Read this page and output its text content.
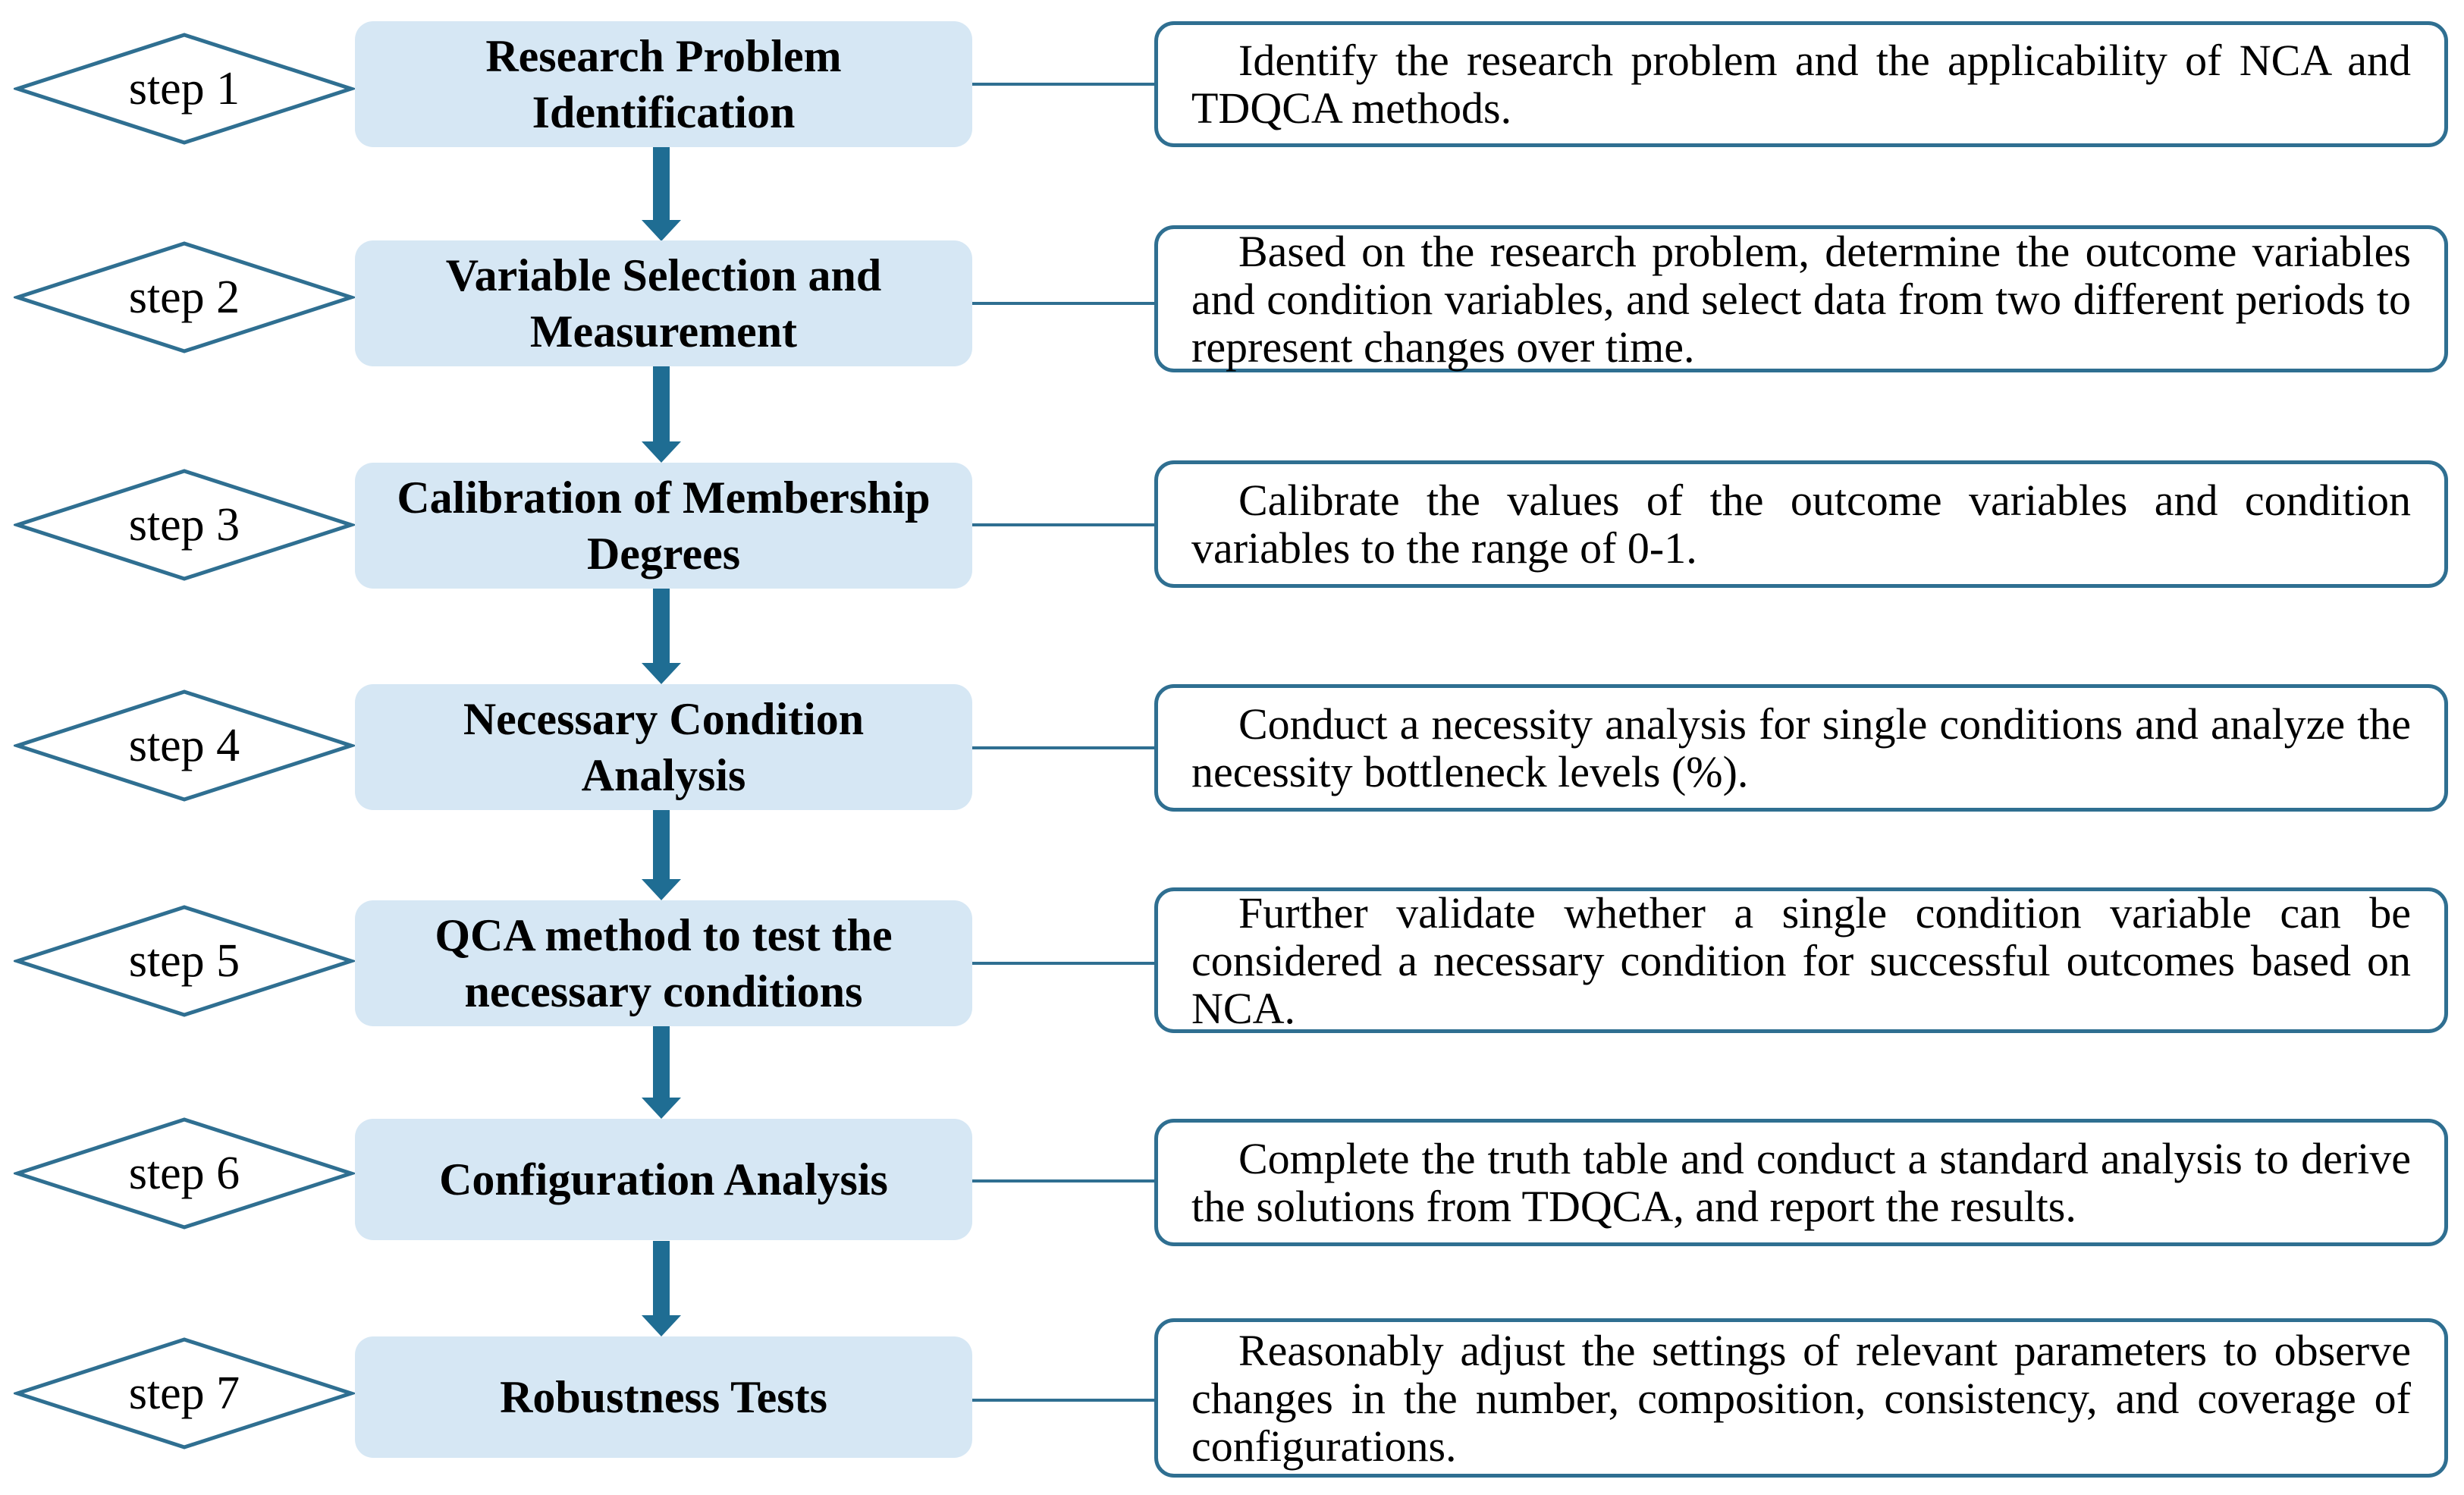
step 1
Research Problem
Identification
Identify the research problem and the applicability of NCA and TDQCA methods.
step 2	Variable Selection and
Measurement
Based on the research problem, determine the outcome variables and condition variables, and select data from two different periods to represent changes over time.
step 3
Calibration of Membership
Degrees
Calibrate the values of the outcome variables and condition variables to the range of 0-1.
step 4
Necessary Condition
Analysis
Conduct a necessity analysis for single conditions and analyze the necessity bottleneck levels (%).
step 5	QCA method to test the
necessary conditions
Further validate whether a single condition variable can be considered a necessary condition for successful outcomes based on NCA.
step 6	Configuration Analysis	Complete the truth table and conduct a standard analysis to derive the solutions from TDQCA, and report the results.
step 7	Robustness Tests
Reasonably adjust the settings of relevant parameters to observe changes in the number, composition, consistency, and coverage of configurations.
